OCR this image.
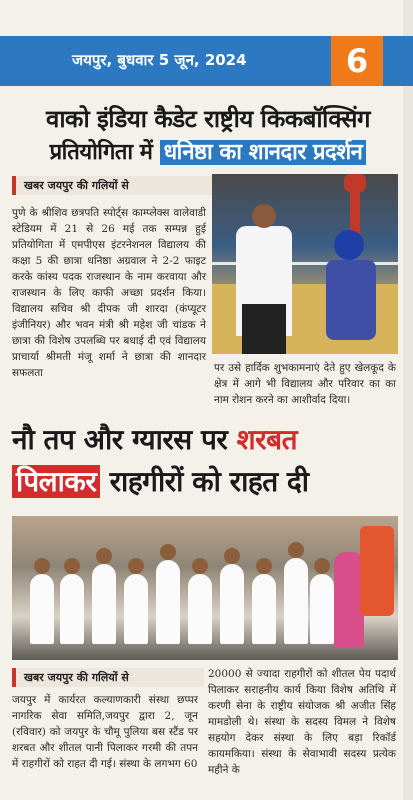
जयपुर, बुधवार 5 जून, 2024	6
वाको इंडिया कैडेट राष्ट्रीय किकबॉक्सिंग
प्रतियोगिता में धनिष्ठा का शानदार प्रदर्शन
खबर जयपुर की गलियों से
पुणे के श्रीशिव छत्रपति स्पोर्ट्स काम्प्लेक्स वालेवाडी स्टेडियम में 21 से 26 मई तक सम्पन्न हुई प्रतियोगिता में एमपीएस इंटरनेशनल विद्यालय की कक्षा 5 की छात्रा धनिष्ठा अग्रवाल ने 2-2 फाइट करके कांस्य पदक राजस्थान के नाम करवाया और राजस्थान के लिए काफी अच्छा प्रदर्शन किया। विद्यालय सचिव श्री दीपक जी शारदा (कंप्यूटर इंजीनियर) और भवन मंत्री श्री महेश जी चांडक ने छात्रा की विशेष उपलब्धि पर बधाई दी एवं विद्यालय प्राचार्या श्रीमती मंजू शर्मा ने छात्रा की शानदार सफलता	पर उसे हार्दिक शुभकामनाएं देते हुए खेलकूद के क्षेत्र में आगे भी विद्यालय और परिवार का का नाम रोशन करने का आशीर्वाद दिया।
नौ तप और ग्यारस पर शरबत
पिलाकर राहगीरों को राहत दी
खबर जयपुर की गलियों से
जयपुर में कार्यरत कल्याणकारी संस्था छप्पर नागरिक सेवा समिति,जयपुर द्वारा 2, जून (रविवार) को जयपुर के चौमू पुलिया बस स्टैंड पर शरबत और शीतल पानी पिलाकर गरमी की तपन में राहगीरों को राहत दी गई। संस्था के लगभग 60
20000 से ज्यादा राहगीरों को शीतल पेय पदार्थ पिलाकर सराहनीय कार्य किया विशेष अतिथि में करणी सेना के राष्ट्रीय संयोजक श्री अजीत सिंह मामडोली थे। संस्था के सदस्य विमल ने विशेष सहयोग देकर संस्था के लिए बड़ा रिकॉर्ड कायमकिया। संस्था के सेवाभावी सदस्य प्रत्येक महीने के
